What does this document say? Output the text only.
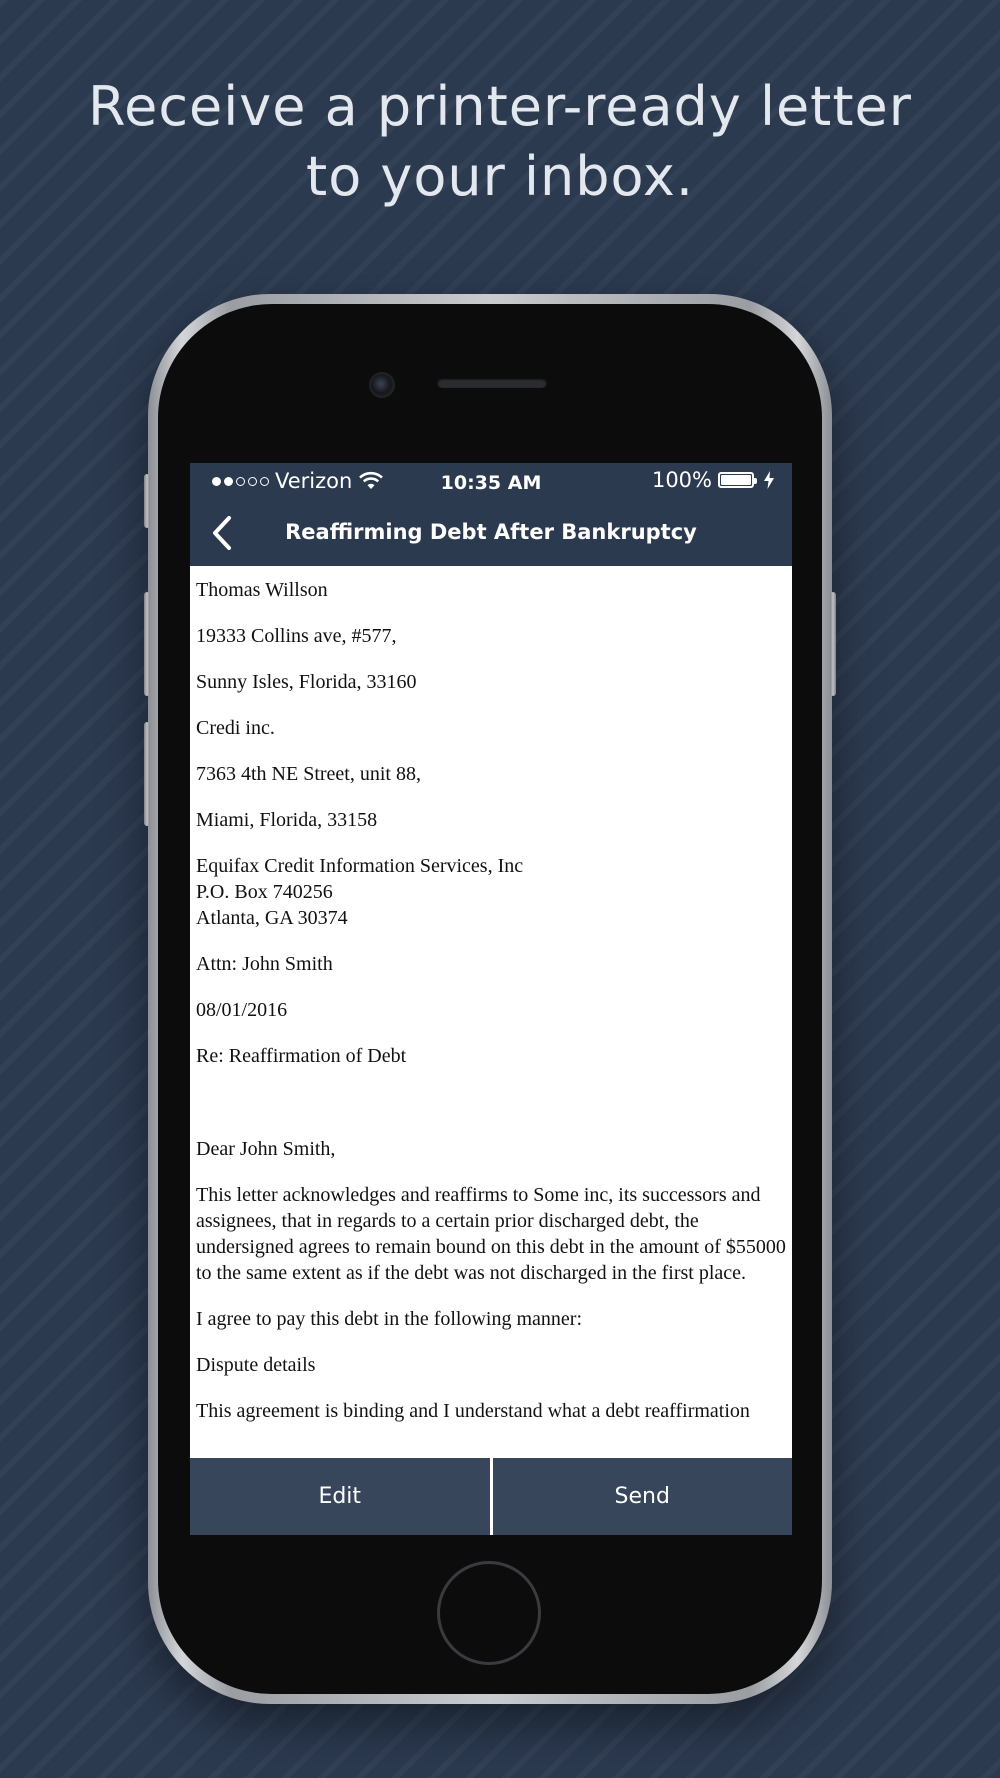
Receive a printer-ready letter
to your inbox.
Verizon	10:35 AM	100%
Reaffirming Debt After Bankruptcy

Thomas Willson

19333 Collins ave, #577,

Sunny Isles, Florida, 33160

Credi inc.

7363 4th NE Street, unit 88,

Miami, Florida, 33158

Equifax Credit Information Services, Inc

P.O. Box 740256

Atlanta, GA 30374

Attn: John Smith

08/01/2016

Re: Reaffirmation of Debt

Dear John Smith,

This letter acknowledges and reaffirms to Some inc, its successors and assignees, that in regards to a certain prior discharged debt, the undersigned agrees to remain bound on this debt in the amount of $55000 to the same extent as if the debt was not discharged in the first place.

I agree to pay this debt in the following manner:

Dispute details

This agreement is binding and I understand what a debt reaffirmation

Edit	Send
